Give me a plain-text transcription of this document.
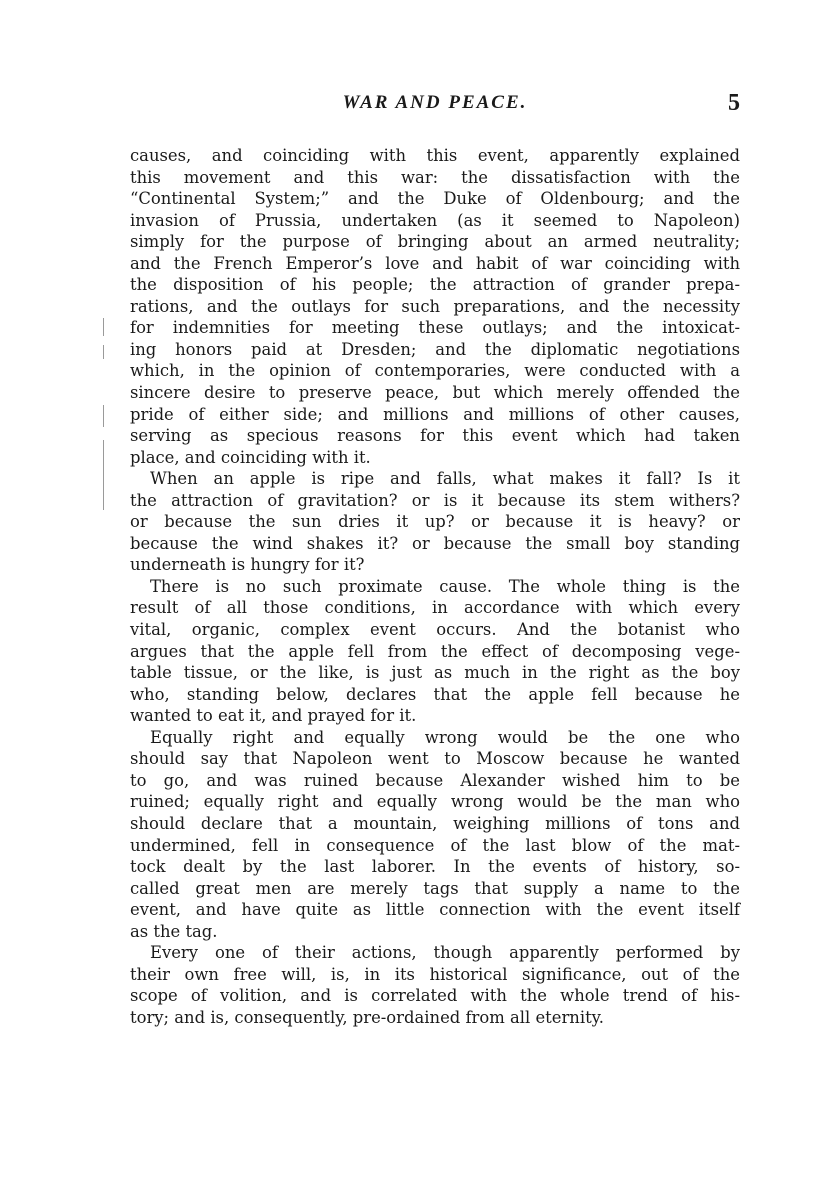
WAR AND PEACE.	5
causes, and coinciding with this event, apparently explained
this movement and this war: the dissatisfaction with the
“Continental System;” and the Duke of Oldenbourg; and the
invasion of Prussia, undertaken (as it seemed to Napoleon)
simply for the purpose of bringing about an armed neutrality;
and the French Emperor’s love and habit of war coinciding with
the disposition of his people; the attraction of grander prepa-
rations, and the outlays for such preparations, and the necessity
for indemnities for meeting these outlays; and the intoxicat-
ing honors paid at Dresden; and the diplomatic negotiations
which, in the opinion of contemporaries, were conducted with a
sincere desire to preserve peace, but which merely offended the
pride of either side; and millions and millions of other causes,
serving as specious reasons for this event which had taken
place, and coinciding with it.
When an apple is ripe and falls, what makes it fall? Is it
the attraction of gravitation? or is it because its stem withers?
or because the sun dries it up? or because it is heavy? or
because the wind shakes it? or because the small boy standing
underneath is hungry for it?
There is no such proximate cause. The whole thing is the
result of all those conditions, in accordance with which every
vital, organic, complex event occurs. And the botanist who
argues that the apple fell from the effect of decomposing vege-
table tissue, or the like, is just as much in the right as the boy
who, standing below, declares that the apple fell because he
wanted to eat it, and prayed for it.
Equally right and equally wrong would be the one who
should say that Napoleon went to Moscow because he wanted
to go, and was ruined because Alexander wished him to be
ruined; equally right and equally wrong would be the man who
should declare that a mountain, weighing millions of tons and
undermined, fell in consequence of the last blow of the mat-
tock dealt by the last laborer. In the events of history, so-
called great men are merely tags that supply a name to the
event, and have quite as little connection with the event itself
as the tag.
Every one of their actions, though apparently performed by
their own free will, is, in its historical significance, out of the
scope of volition, and is correlated with the whole trend of his-
tory; and is, consequently, pre-ordained from all eternity.
